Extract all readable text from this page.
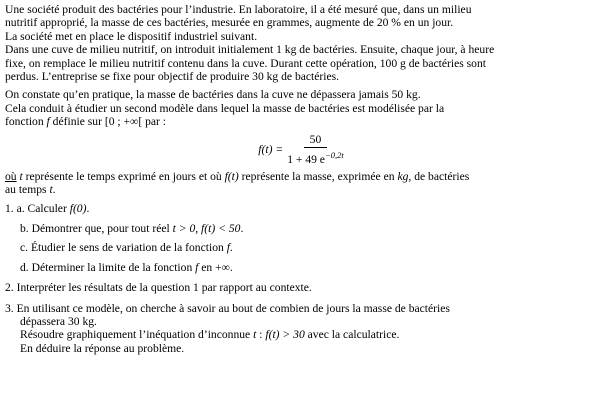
Une société produit des bactéries pour l’industrie. En laboratoire, il a été mesuré que, dans un milieu

nutritif approprié, la masse de ces bactéries, mesurée en grammes, augmente de 20 % en un jour.

La société met en place le dispositif industriel suivant.

Dans une cuve de milieu nutritif, on introduit initialement 1 kg de bactéries. Ensuite, chaque jour, à heure

fixe, on remplace le milieu nutritif contenu dans la cuve. Durant cette opération, 100 g de bactéries sont

perdus. L’entreprise se fixe pour objectif de produire 30 kg de bactéries.

On constate qu’en pratique, la masse de bactéries dans la cuve ne dépassera jamais 50 kg.

Cela conduit à étudier un second modèle dans lequel la masse de bactéries est modélisée par la

fonction f définie sur [0 ; +∞[ par :

$f(t) = \frac{50}{1 + 49 e^{-0,2t}}$

où t représente le temps exprimé en jours et où f(t) représente la masse, exprimée en kg, de bactéries

au temps t.

1. a. Calculer f(0).

b. Démontrer que, pour tout réel t > 0, f(t) < 50.

c. Étudier le sens de variation de la fonction f.

d. Déterminer la limite de la fonction f en +∞.

2. Interpréter les résultats de la question 1 par rapport au contexte.

3. En utilisant ce modèle, on cherche à savoir au bout de combien de jours la masse de bactéries

dépassera 30 kg.

Résoudre graphiquement l’inéquation d’inconnue t : f(t) > 30 avec la calculatrice.

En déduire la réponse au problème.
